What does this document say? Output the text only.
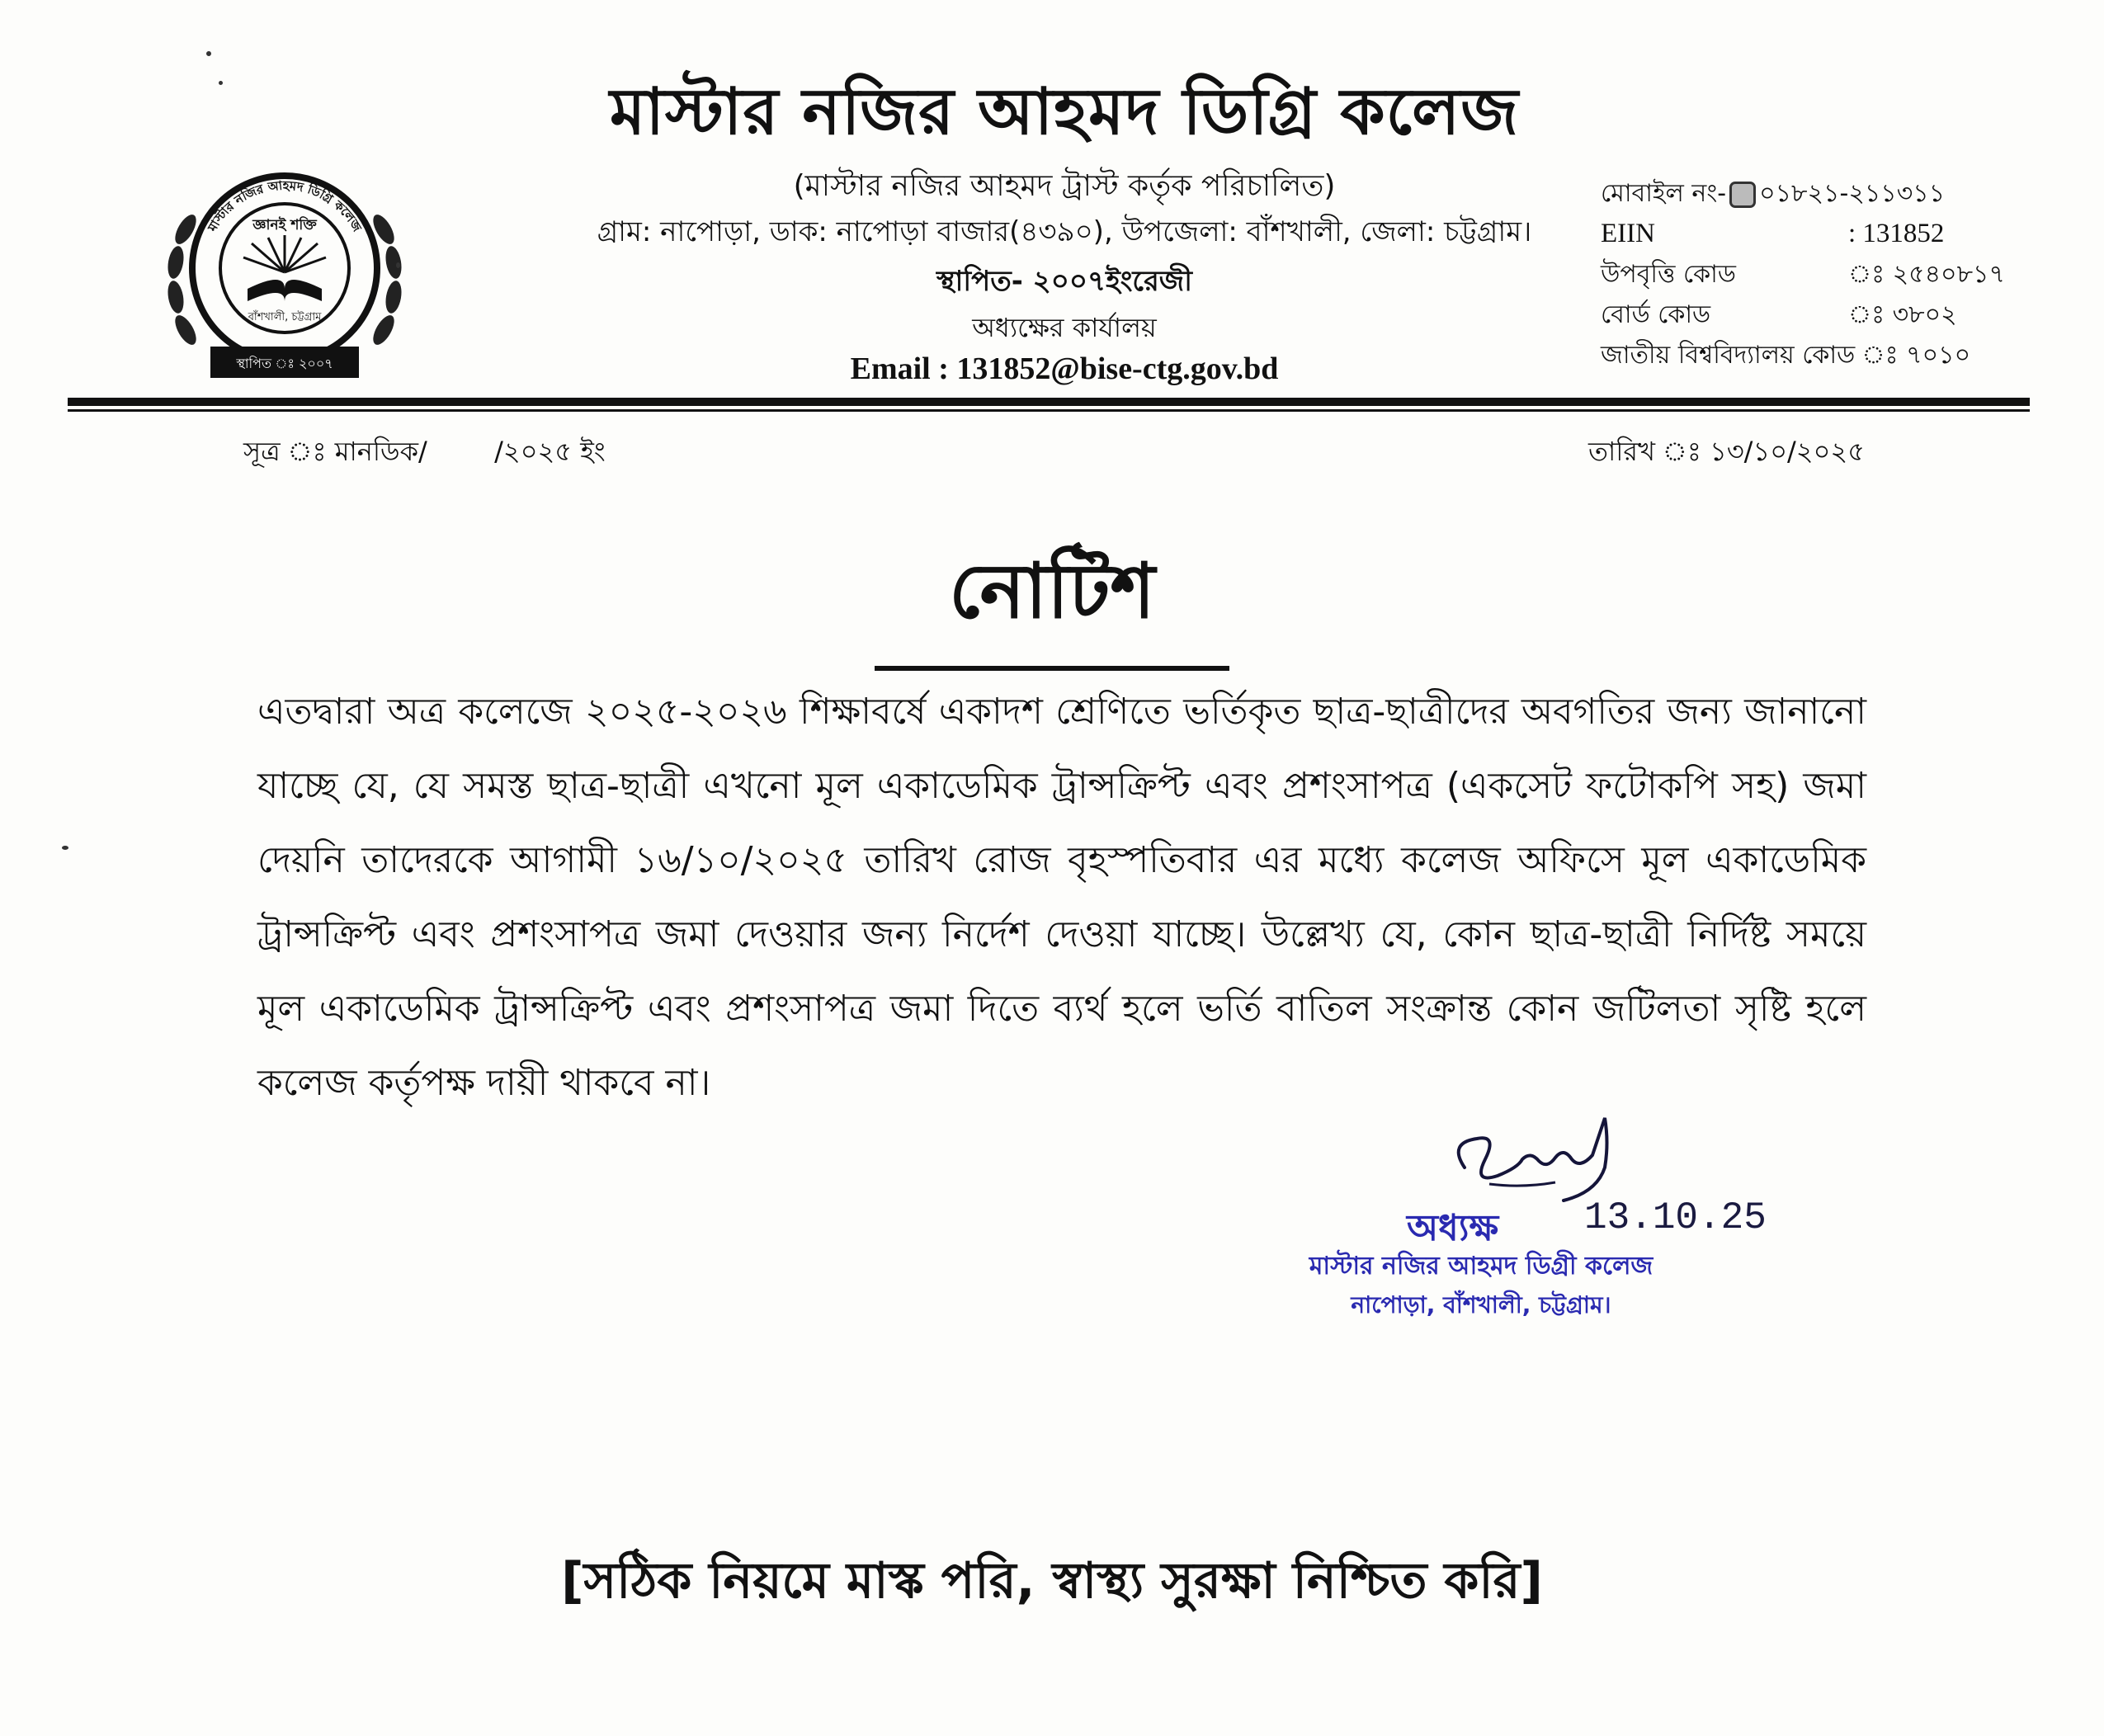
মাস্টার নজির আহমদ ডিগ্রি কলেজ
জ্ঞানই শক্তি
বাঁশখালী, চট্টগ্রাম
স্থাপিত ঃ ২০০৭
মাস্টার নজির আহমদ ডিগ্রি কলেজ
(মাস্টার নজির আহমদ ট্রাস্ট কর্তৃক পরিচালিত)
গ্রাম: নাপোড়া, ডাক: নাপোড়া বাজার(৪৩৯০), উপজেলা: বাঁশখালী, জেলা: চট্টগ্রাম।
স্থাপিত- ২০০৭ইংরেজী
অধ্যক্ষের কার্যালয়
Email : 131852@bise-ctg.gov.bd
মোবাইল নং- ০১৮২১-২১১৩১১
EIIN	: 131852
উপবৃত্তি কোড	ঃ ২৫৪০৮১৭
বোর্ড কোড	ঃ ৩৮০২
জাতীয় বিশ্ববিদ্যালয় কোড ঃ ৭০১০
সূত্র ঃ মানডিক/        /২০২৫ ইং	তারিখ ঃ ১৩/১০/২০২৫
নোটিশ
এতদ্বারা অত্র কলেজে ২০২৫-২০২৬ শিক্ষাবর্ষে একাদশ শ্রেণিতে ভর্তিকৃত ছাত্র-ছাত্রীদের অবগতির জন্য জানানো যাচ্ছে যে, যে সমস্ত ছাত্র-ছাত্রী এখনো মূল একাডেমিক ট্রান্সক্রিপ্ট এবং প্রশংসাপত্র (একসেট ফটোকপি সহ) জমা দেয়নি তাদেরকে আগামী ১৬/১০/২০২৫ তারিখ রোজ বৃহস্পতিবার এর মধ্যে কলেজ অফিসে মূল একাডেমিক ট্রান্সক্রিপ্ট এবং প্রশংসাপত্র জমা দেওয়ার জন্য নির্দেশ দেওয়া যাচ্ছে। উল্লেখ্য যে, কোন ছাত্র-ছাত্রী নির্দিষ্ট সময়ে মূল একাডেমিক ট্রান্সক্রিপ্ট এবং প্রশংসাপত্র জমা দিতে ব্যর্থ হলে ভর্তি বাতিল সংক্রান্ত কোন জটিলতা সৃষ্টি হলে কলেজ কর্তৃপক্ষ দায়ী থাকবে না।
অধ্যক্ষ 13.10.25
মাস্টার নজির আহমদ ডিগ্রী কলেজ
নাপোড়া, বাঁশখালী, চট্টগ্রাম।
[সঠিক নিয়মে মাস্ক পরি, স্বাস্থ্য সুরক্ষা নিশ্চিত করি]
